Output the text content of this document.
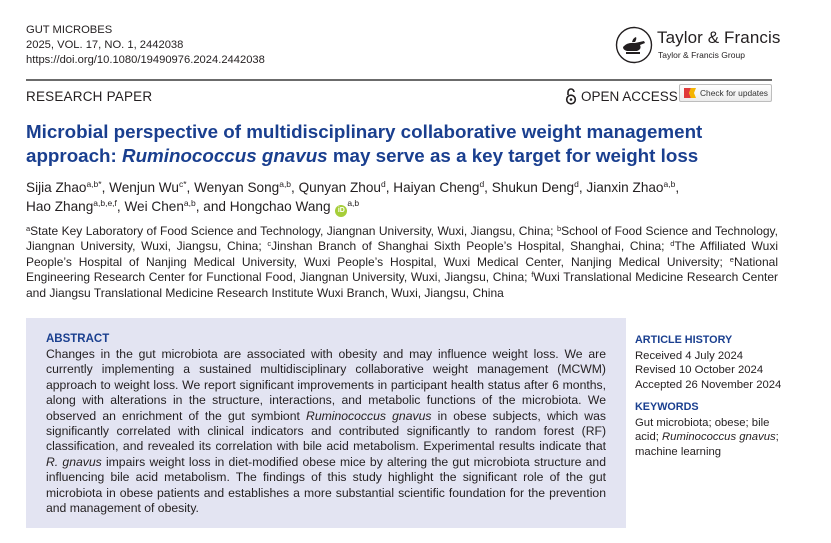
GUT MICROBES
2025, VOL. 17, NO. 1, 2442038
https://doi.org/10.1080/19490976.2024.2442038
Taylor & Francis
Taylor & Francis Group
RESEARCH PAPER	OPEN ACCESS	Check for updates
Microbial perspective of multidisciplinary collaborative weight management
approach: Ruminococcus gnavus may serve as a key target for weight loss
Sijia Zhao$^{a,b*}$, Wenjun $Wu^{c*}$, Wenyan Song$^{a,b}$, Qunyan Zhou$^d$, Haiyan Cheng$^d$, Shukun Deng$^d$, Jianxin Zhao$^{a,b}$,
Hao Zhang$^{a,b,e,f}$, Wei Chen$^{a,b}$, and Hongchao Wang iD$^{a,b}$
$^a$State Key Laboratory of Food Science and Technology, Jiangnan University, Wuxi, Jiangsu, China; $^b$School of Food Science and Technology, Jiangnan University, Wuxi, Jiangsu, China; $^c$Jinshan Branch of Shanghai Sixth People’s Hospital, Shanghai, China; $^d$The Affiliated Wuxi People’s Hospital of Nanjing Medical University, Wuxi People’s Hospital, Wuxi Medical Center, Nanjing Medical University; $^e$National Engineering Research Center for Functional Food, Jiangnan University, Wuxi, Jiangsu, China; $^f$Wuxi Translational Medicine Research Center and Jiangsu Translational Medicine Research Institute Wuxi Branch, Wuxi, Jiangsu, China
ABSTRACT
Changes in the gut microbiota are associated with obesity and may influence weight loss. We are currently implementing a sustained multidisciplinary collaborative weight management (MCWM) approach to weight loss. We report significant improvements in participant health status after 6 months, along with alterations in the structure, interactions, and metabolic functions of the microbiota. We observed an enrichment of the gut symbiont Ruminococcus gnavus in obese subjects, which was significantly correlated with clinical indicators and contributed significantly to random forest (RF) classification, and revealed its correlation with bile acid metabolism. Experimental results indicate that R. gnavus impairs weight loss in diet-modified obese mice by altering the gut microbiota structure and influencing bile acid metabolism. The findings of this study highlight the significant role of the gut microbiota in obese patients and establishes a more substantial scientific foundation for the prevention and management of obesity.
ARTICLE HISTORY
Received 4 July 2024
Revised 10 October 2024
Accepted 26 November 2024
KEYWORDS
Gut microbiota; obese; bile acid; Ruminococcus gnavus; machine learning
